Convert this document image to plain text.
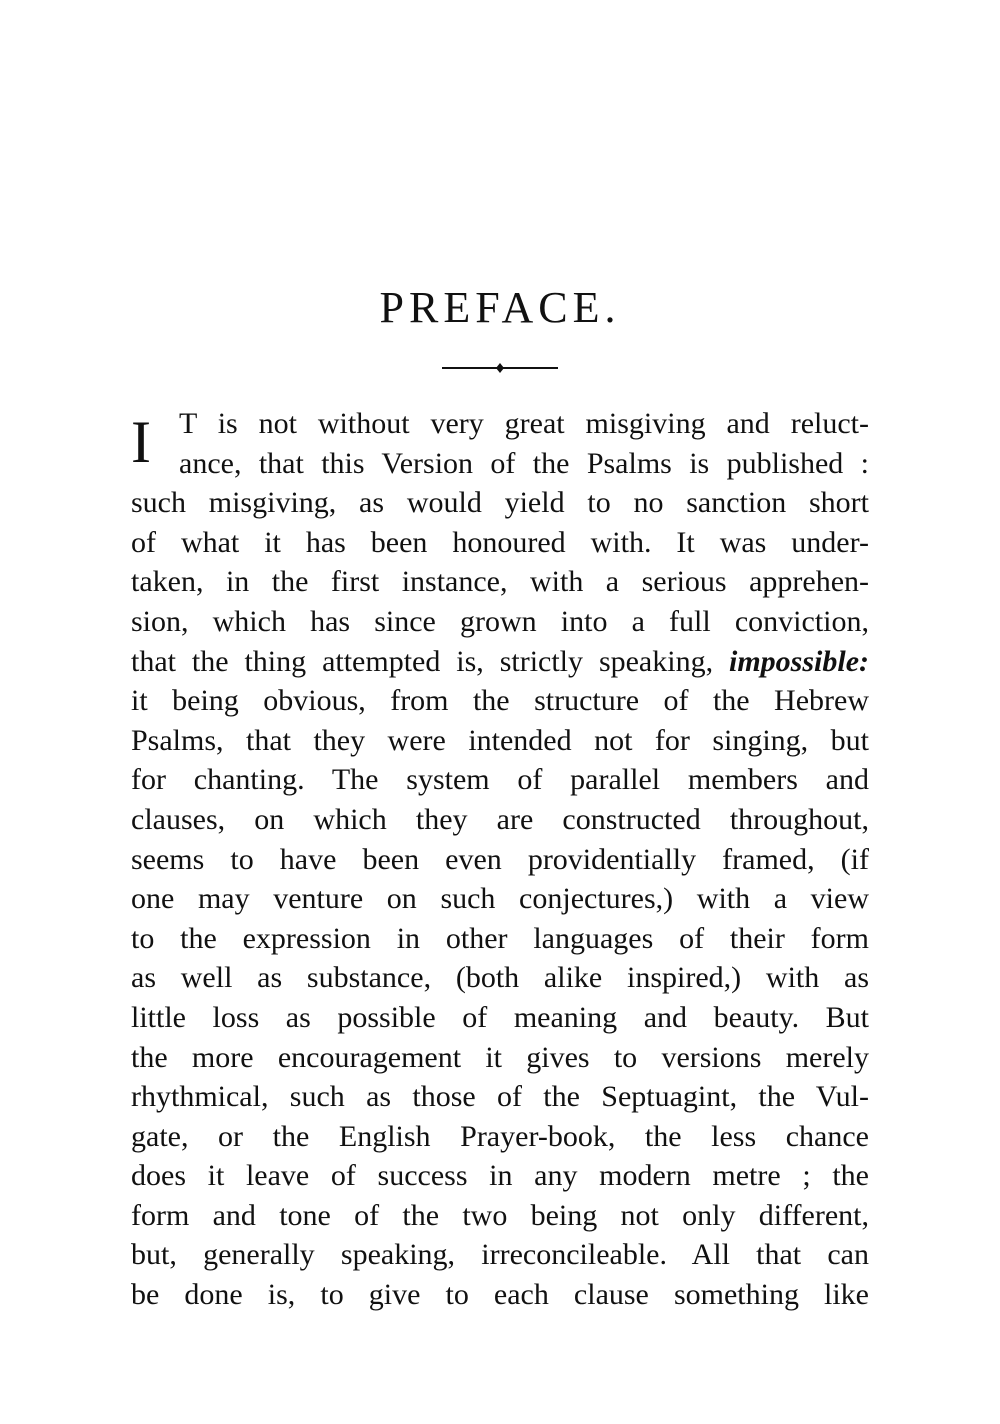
PREFACE.
I T is not without very great misgiving and reluct-
ance, that this Version of the Psalms is published :
such misgiving, as would yield to no sanction short
of what it has been honoured with. It was under-
taken, in the first instance, with a serious apprehen-
sion, which has since grown into a full conviction,
that the thing attempted is, strictly speaking, impossible:
it being obvious, from the structure of the Hebrew
Psalms, that they were intended not for singing, but
for chanting. The system of parallel members and
clauses, on which they are constructed throughout,
seems to have been even providentially framed, (if
one may venture on such conjectures,) with a view
to the expression in other languages of their form
as well as substance, (both alike inspired,) with as
little loss as possible of meaning and beauty. But
the more encouragement it gives to versions merely
rhythmical, such as those of the Septuagint, the Vul-
gate, or the English Prayer-book, the less chance
does it leave of success in any modern metre ; the
form and tone of the two being not only different,
but, generally speaking, irreconcileable. All that can
be done is, to give to each clause something like
